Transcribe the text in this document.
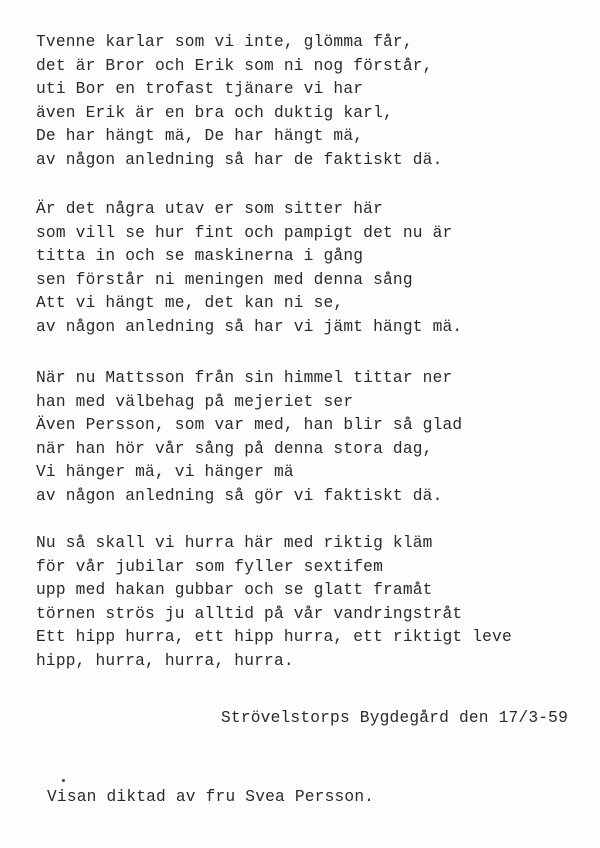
Tvenne karlar som vi inte, glömma får,
det är Bror och Erik som ni nog förstår,
uti Bor en trofast tjänare vi har
även Erik är en bra och duktig karl,
De har hängt mä, De har hängt mä,
av någon anledning så har de faktiskt dä.
Är det några utav er som sitter här
som vill se hur fint och pampigt det nu är
titta in och se maskinerna i gång
sen förstår ni meningen med denna sång
Att vi hängt me, det kan ni se,
av någon anledning så har vi jämt hängt mä.
När nu Mattsson från sin himmel tittar ner
han med välbehag på mejeriet ser
Även Persson, som var med, han blir så glad
när han hör vår sång på denna stora dag,
Vi hänger mä, vi hänger mä
av någon anledning så gör vi faktiskt dä.
Nu så skall vi hurra här med riktig kläm
för vår jubilar som fyller sextifem
upp med hakan gubbar och se glatt framåt
törnen strös ju alltid på vår vandringstråt
Ett hipp hurra, ett hipp hurra, ett riktigt leve
hipp, hurra, hurra, hurra.
Strövelstorps Bygdegård den 17/3-59
Visan diktad av fru Svea Persson.
